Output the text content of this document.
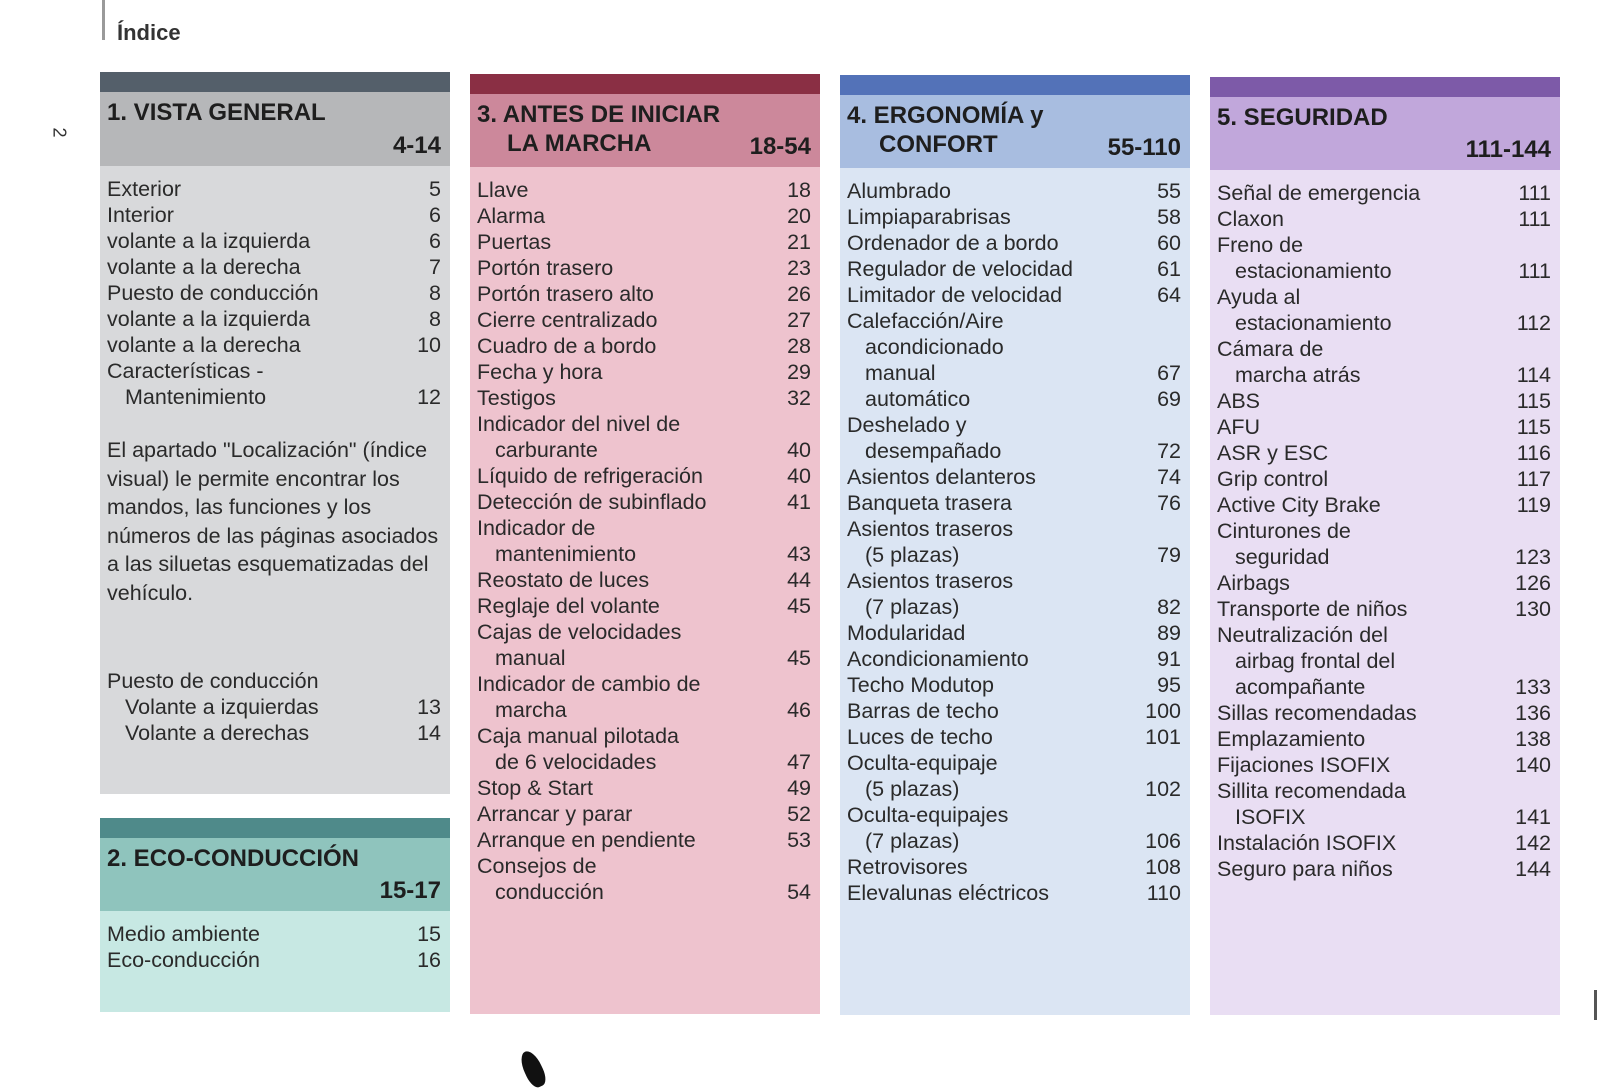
Índice
2
1. VISTA GENERAL
4-14
Exterior	5
Interior	6
volante a la izquierda	6
volante a la derecha	7
Puesto de conducción	8
volante a la izquierda	8
volante a la derecha	10
Características -
Mantenimiento	12
El apartado "Localización" (índice visual) le permite encontrar los mandos, las funciones y los números de las páginas asociados a las siluetas esquematizadas del vehículo.
Puesto de conducción
Volante a izquierdas	13
Volante a derechas	14
2. ECO-CONDUCCIÓN
15-17
Medio ambiente	15
Eco-conducción	16
3. ANTES DE INICIAR
LA MARCHA	18-54
Llave	18
Alarma	20
Puertas	21
Portón trasero	23
Portón trasero alto	26
Cierre centralizado	27
Cuadro de a bordo	28
Fecha y hora	29
Testigos	32
Indicador del nivel de
carburante	40
Líquido de refrigeración	40
Detección de subinflado	41
Indicador de
mantenimiento	43
Reostato de luces	44
Reglaje del volante	45
Cajas de velocidades
manual	45
Indicador de cambio de
marcha	46
Caja manual pilotada
de 6 velocidades	47
Stop & Start	49
Arrancar y parar	52
Arranque en pendiente	53
Consejos de
conducción	54
4. ERGONOMÍA y
CONFORT	55-110
Alumbrado	55
Limpiaparabrisas	58
Ordenador de a bordo	60
Regulador de velocidad	61
Limitador de velocidad	64
Calefacción/Aire
acondicionado
manual	67
automático	69
Deshelado y
desempañado	72
Asientos delanteros	74
Banqueta trasera	76
Asientos traseros
(5 plazas)	79
Asientos traseros
(7 plazas)	82
Modularidad	89
Acondicionamiento	91
Techo Modutop	95
Barras de techo	100
Luces de techo	101
Oculta-equipaje
(5 plazas)	102
Oculta-equipajes
(7 plazas)	106
Retrovisores	108
Elevalunas eléctricos	110
5. SEGURIDAD
111-144
Señal de emergencia	111
Claxon	111
Freno de
estacionamiento	111
Ayuda al
estacionamiento	112
Cámara de
marcha atrás	114
ABS	115
AFU	115
ASR y ESC	116
Grip control	117
Active City Brake	119
Cinturones de
seguridad	123
Airbags	126
Transporte de niños	130
Neutralización del
airbag frontal del
acompañante	133
Sillas recomendadas	136
Emplazamiento	138
Fijaciones ISOFIX	140
Sillita recomendada
ISOFIX	141
Instalación ISOFIX	142
Seguro para niños	144
